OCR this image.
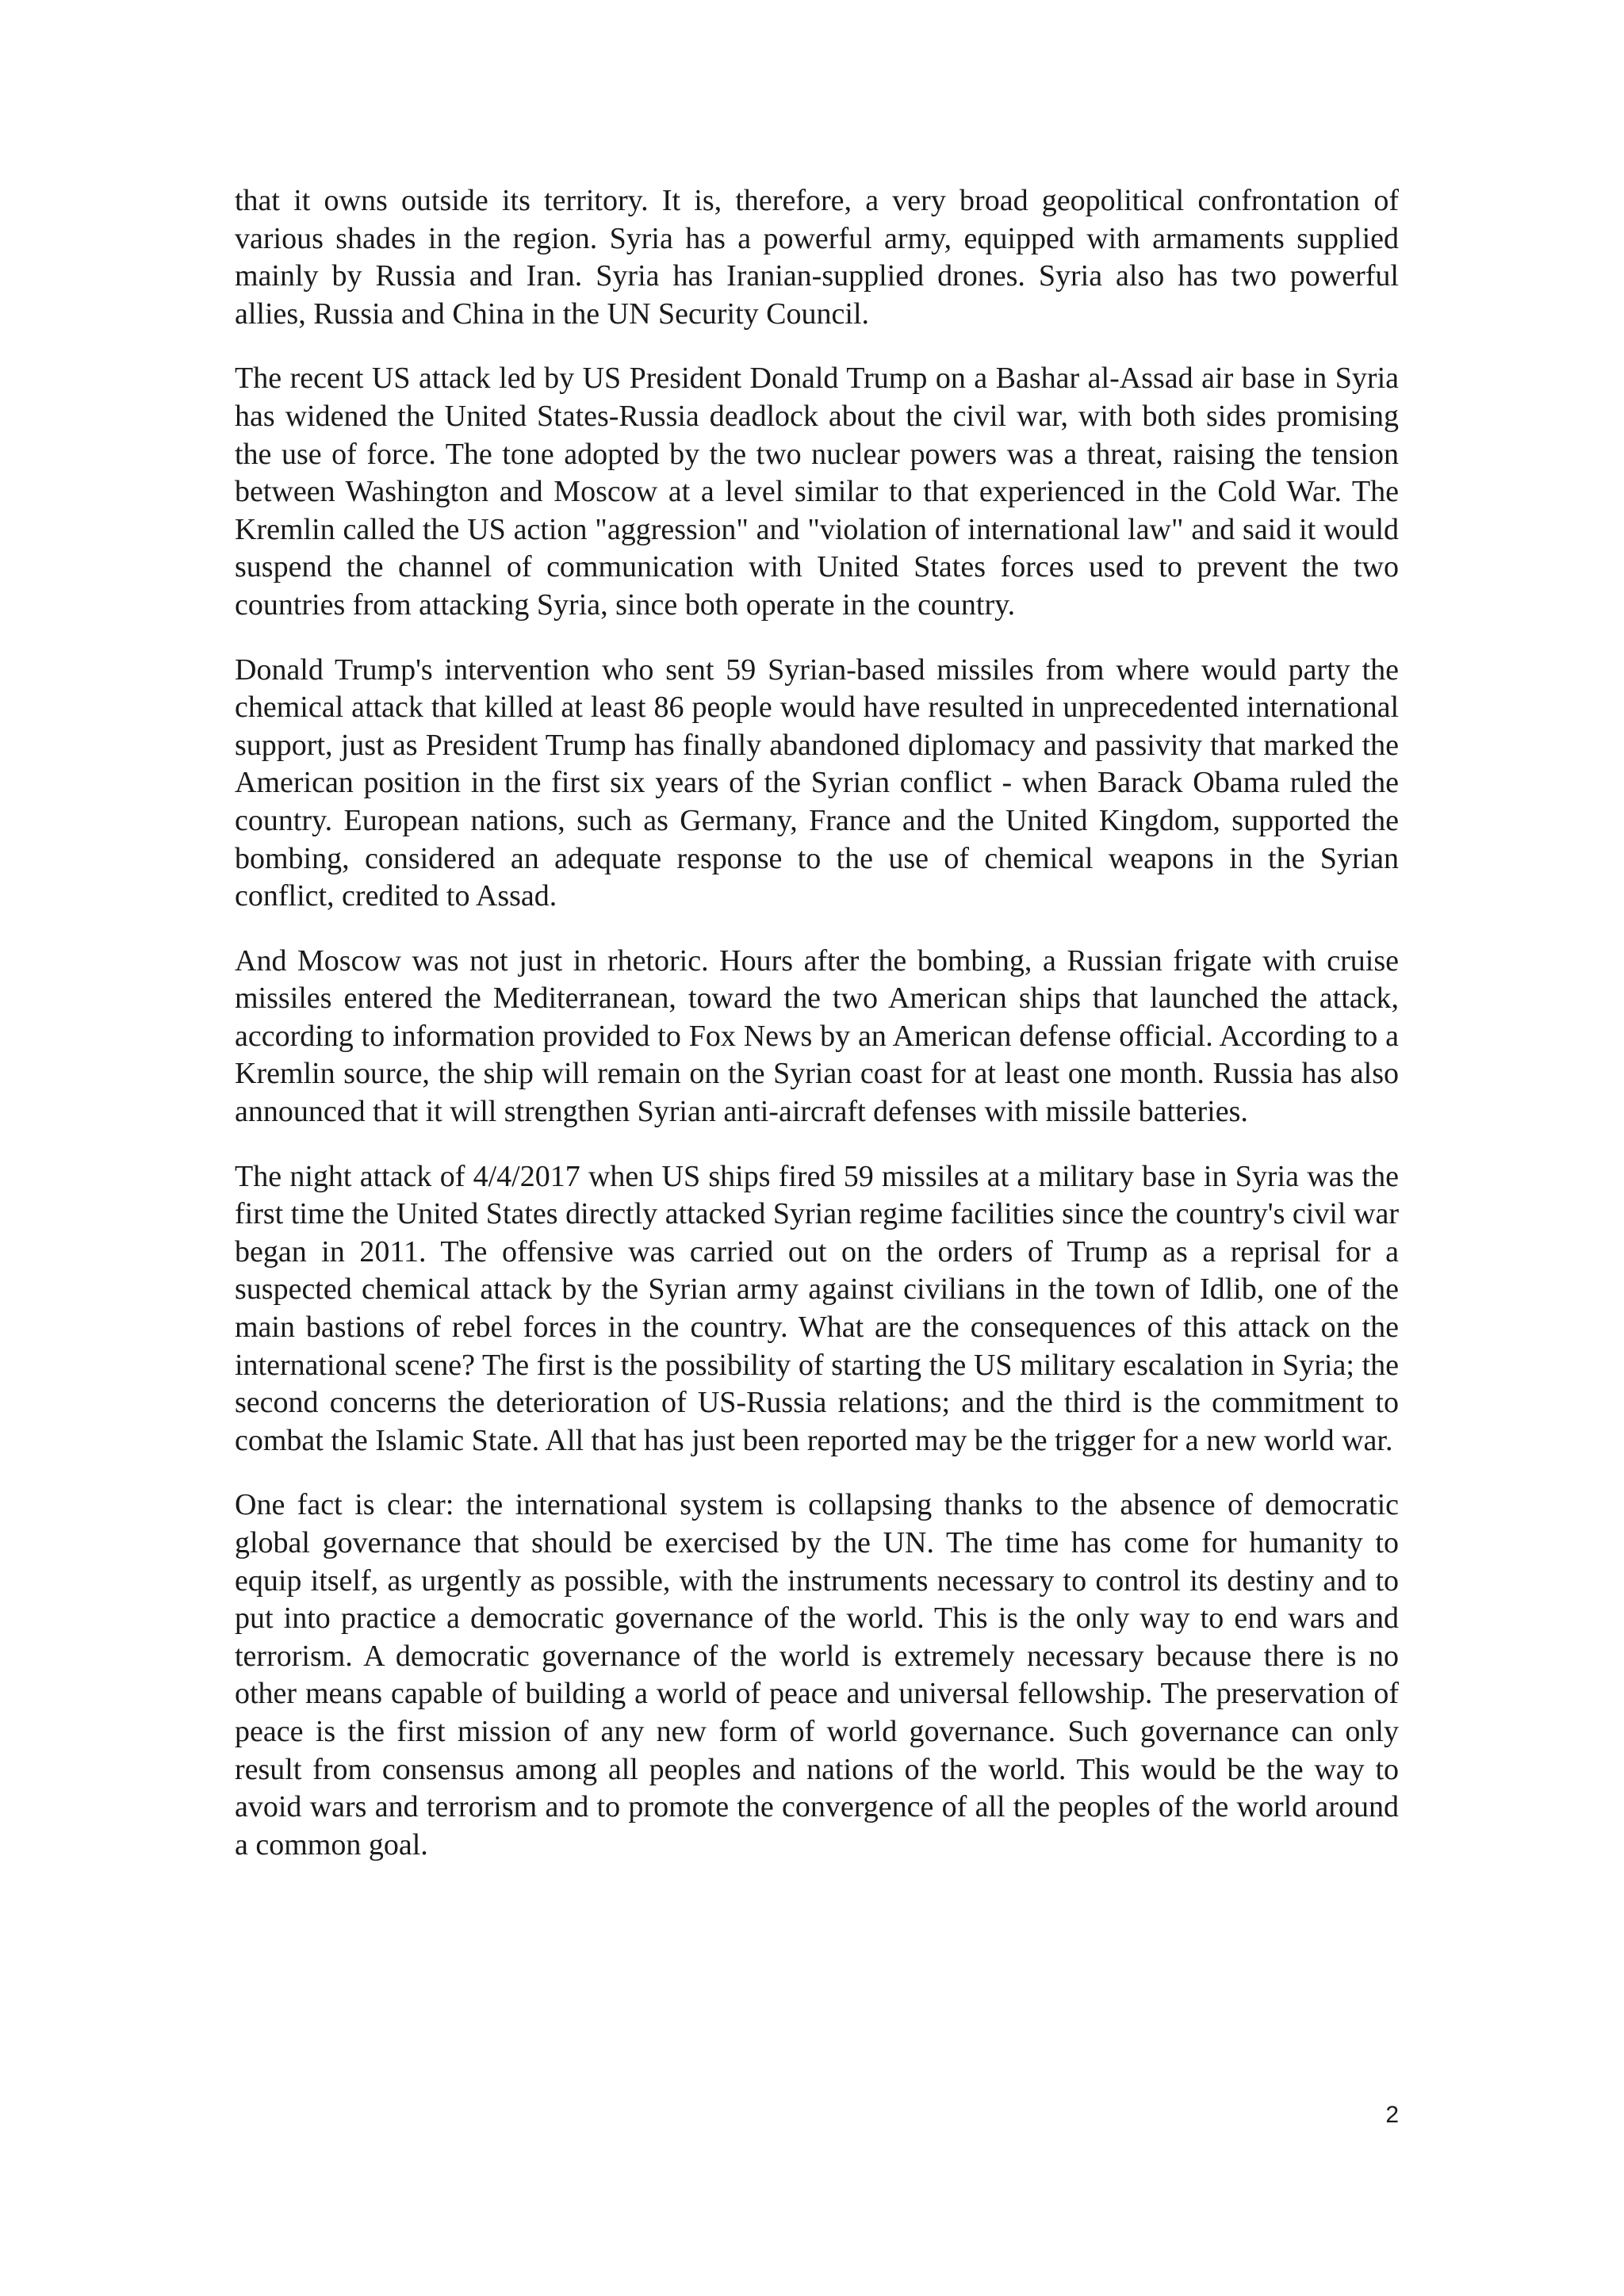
that it owns outside its territory. It is, therefore, a very broad geopolitical confrontation of various shades in the region. Syria has a powerful army, equipped with armaments supplied mainly by Russia and Iran. Syria has Iranian-supplied drones. Syria also has two powerful allies, Russia and China in the UN Security Council.

The recent US attack led by US President Donald Trump on a Bashar al-Assad air base in Syria has widened the United States-Russia deadlock about the civil war, with both sides promising the use of force. The tone adopted by the two nuclear powers was a threat, raising the tension between Washington and Moscow at a level similar to that experienced in the Cold War. The Kremlin called the US action "aggression" and "violation of international law" and said it would suspend the channel of communication with United States forces used to prevent the two countries from attacking Syria, since both operate in the country.

Donald Trump's intervention who sent 59 Syrian-based missiles from where would party the chemical attack that killed at least 86 people would have resulted in unprecedented international support, just as President Trump has finally abandoned diplomacy and passivity that marked the American position in the first six years of the Syrian conflict - when Barack Obama ruled the country. European nations, such as Germany, France and the United Kingdom, supported the bombing, considered an adequate response to the use of chemical weapons in the Syrian conflict, credited to Assad.

And Moscow was not just in rhetoric. Hours after the bombing, a Russian frigate with cruise missiles entered the Mediterranean, toward the two American ships that launched the attack, according to information provided to Fox News by an American defense official. According to a Kremlin source, the ship will remain on the Syrian coast for at least one month. Russia has also announced that it will strengthen Syrian anti-aircraft defenses with missile batteries.

The night attack of 4/4/2017 when US ships fired 59 missiles at a military base in Syria was the first time the United States directly attacked Syrian regime facilities since the country's civil war began in 2011. The offensive was carried out on the orders of Trump as a reprisal for a suspected chemical attack by the Syrian army against civilians in the town of Idlib, one of the main bastions of rebel forces in the country. What are the consequences of this attack on the international scene? The first is the possibility of starting the US military escalation in Syria; the second concerns the deterioration of US-Russia relations; and the third is the commitment to combat the Islamic State. All that has just been reported may be the trigger for a new world war.

One fact is clear: the international system is collapsing thanks to the absence of democratic global governance that should be exercised by the UN. The time has come for humanity to equip itself, as urgently as possible, with the instruments necessary to control its destiny and to put into practice a democratic governance of the world. This is the only way to end wars and terrorism. A democratic governance of the world is extremely necessary because there is no other means capable of building a world of peace and universal fellowship. The preservation of peace is the first mission of any new form of world governance. Such governance can only result from consensus among all peoples and nations of the world. This would be the way to avoid wars and terrorism and to promote the convergence of all the peoples of the world around a common goal.

2
